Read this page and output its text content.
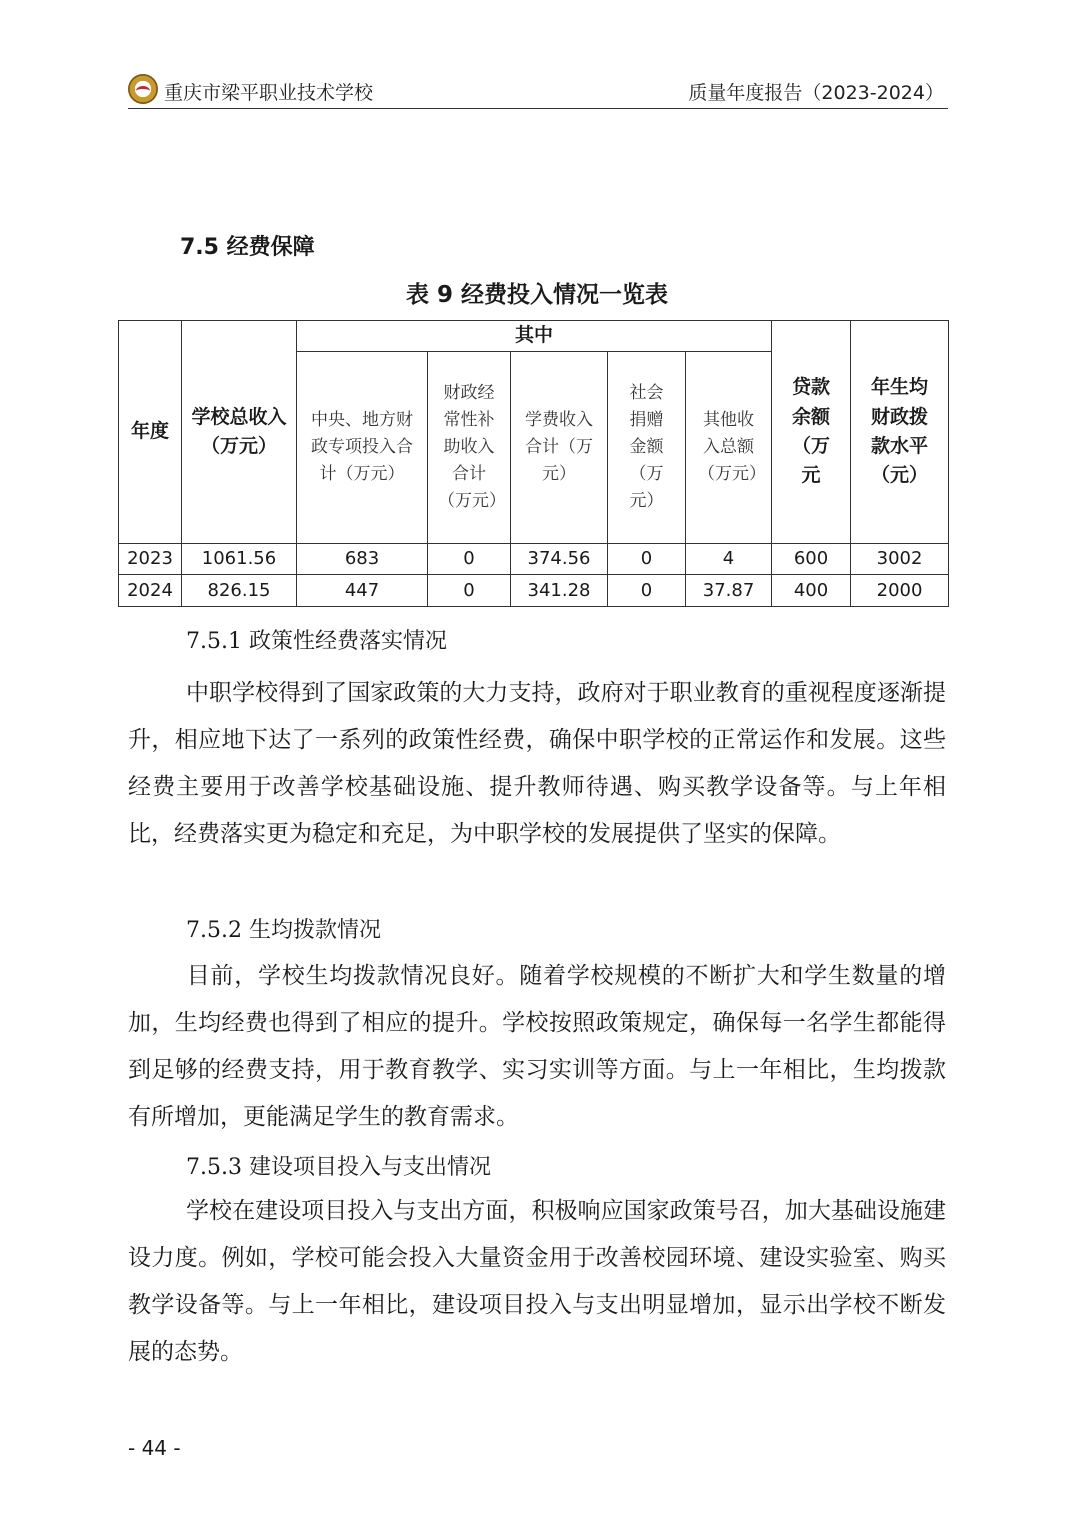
重庆市梁平职业技术学校	质量年度报告（2023-2024）
7.5 经费保障
表 9 经费投入情况一览表
年度	学校总收入（万元）	其中					贷款余额（万元	年生均财政拨款水平（元）
		中央、地方财政专项投入合计（万元）	财政经常性补助收入合计（万元）	学费收入合计（万元）	社会捐赠金额（万元）	其他收入总额（万元）		
2023	1061.56	683	0	374.56	0	4	600	3002
2024	826.15	447	0	341.28	0	37.87	400	2000
7.5.1 政策性经费落实情况
中职学校得到了国家政策的大力支持，政府对于职业教育的重视程度逐渐提升，相应地下达了一系列的政策性经费，确保中职学校的正常运作和发展。这些经费主要用于改善学校基础设施、提升教师待遇、购买教学设备等。与上年相比，经费落实更为稳定和充足，为中职学校的发展提供了坚实的保障。
7.5.2 生均拨款情况
目前，学校生均拨款情况良好。随着学校规模的不断扩大和学生数量的增加，生均经费也得到了相应的提升。学校按照政策规定，确保每一名学生都能得到足够的经费支持，用于教育教学、实习实训等方面。与上一年相比，生均拨款有所增加，更能满足学生的教育需求。
7.5.3 建设项目投入与支出情况
学校在建设项目投入与支出方面，积极响应国家政策号召，加大基础设施建设力度。例如，学校可能会投入大量资金用于改善校园环境、建设实验室、购买教学设备等。与上一年相比，建设项目投入与支出明显增加，显示出学校不断发展的态势。
- 44 -
